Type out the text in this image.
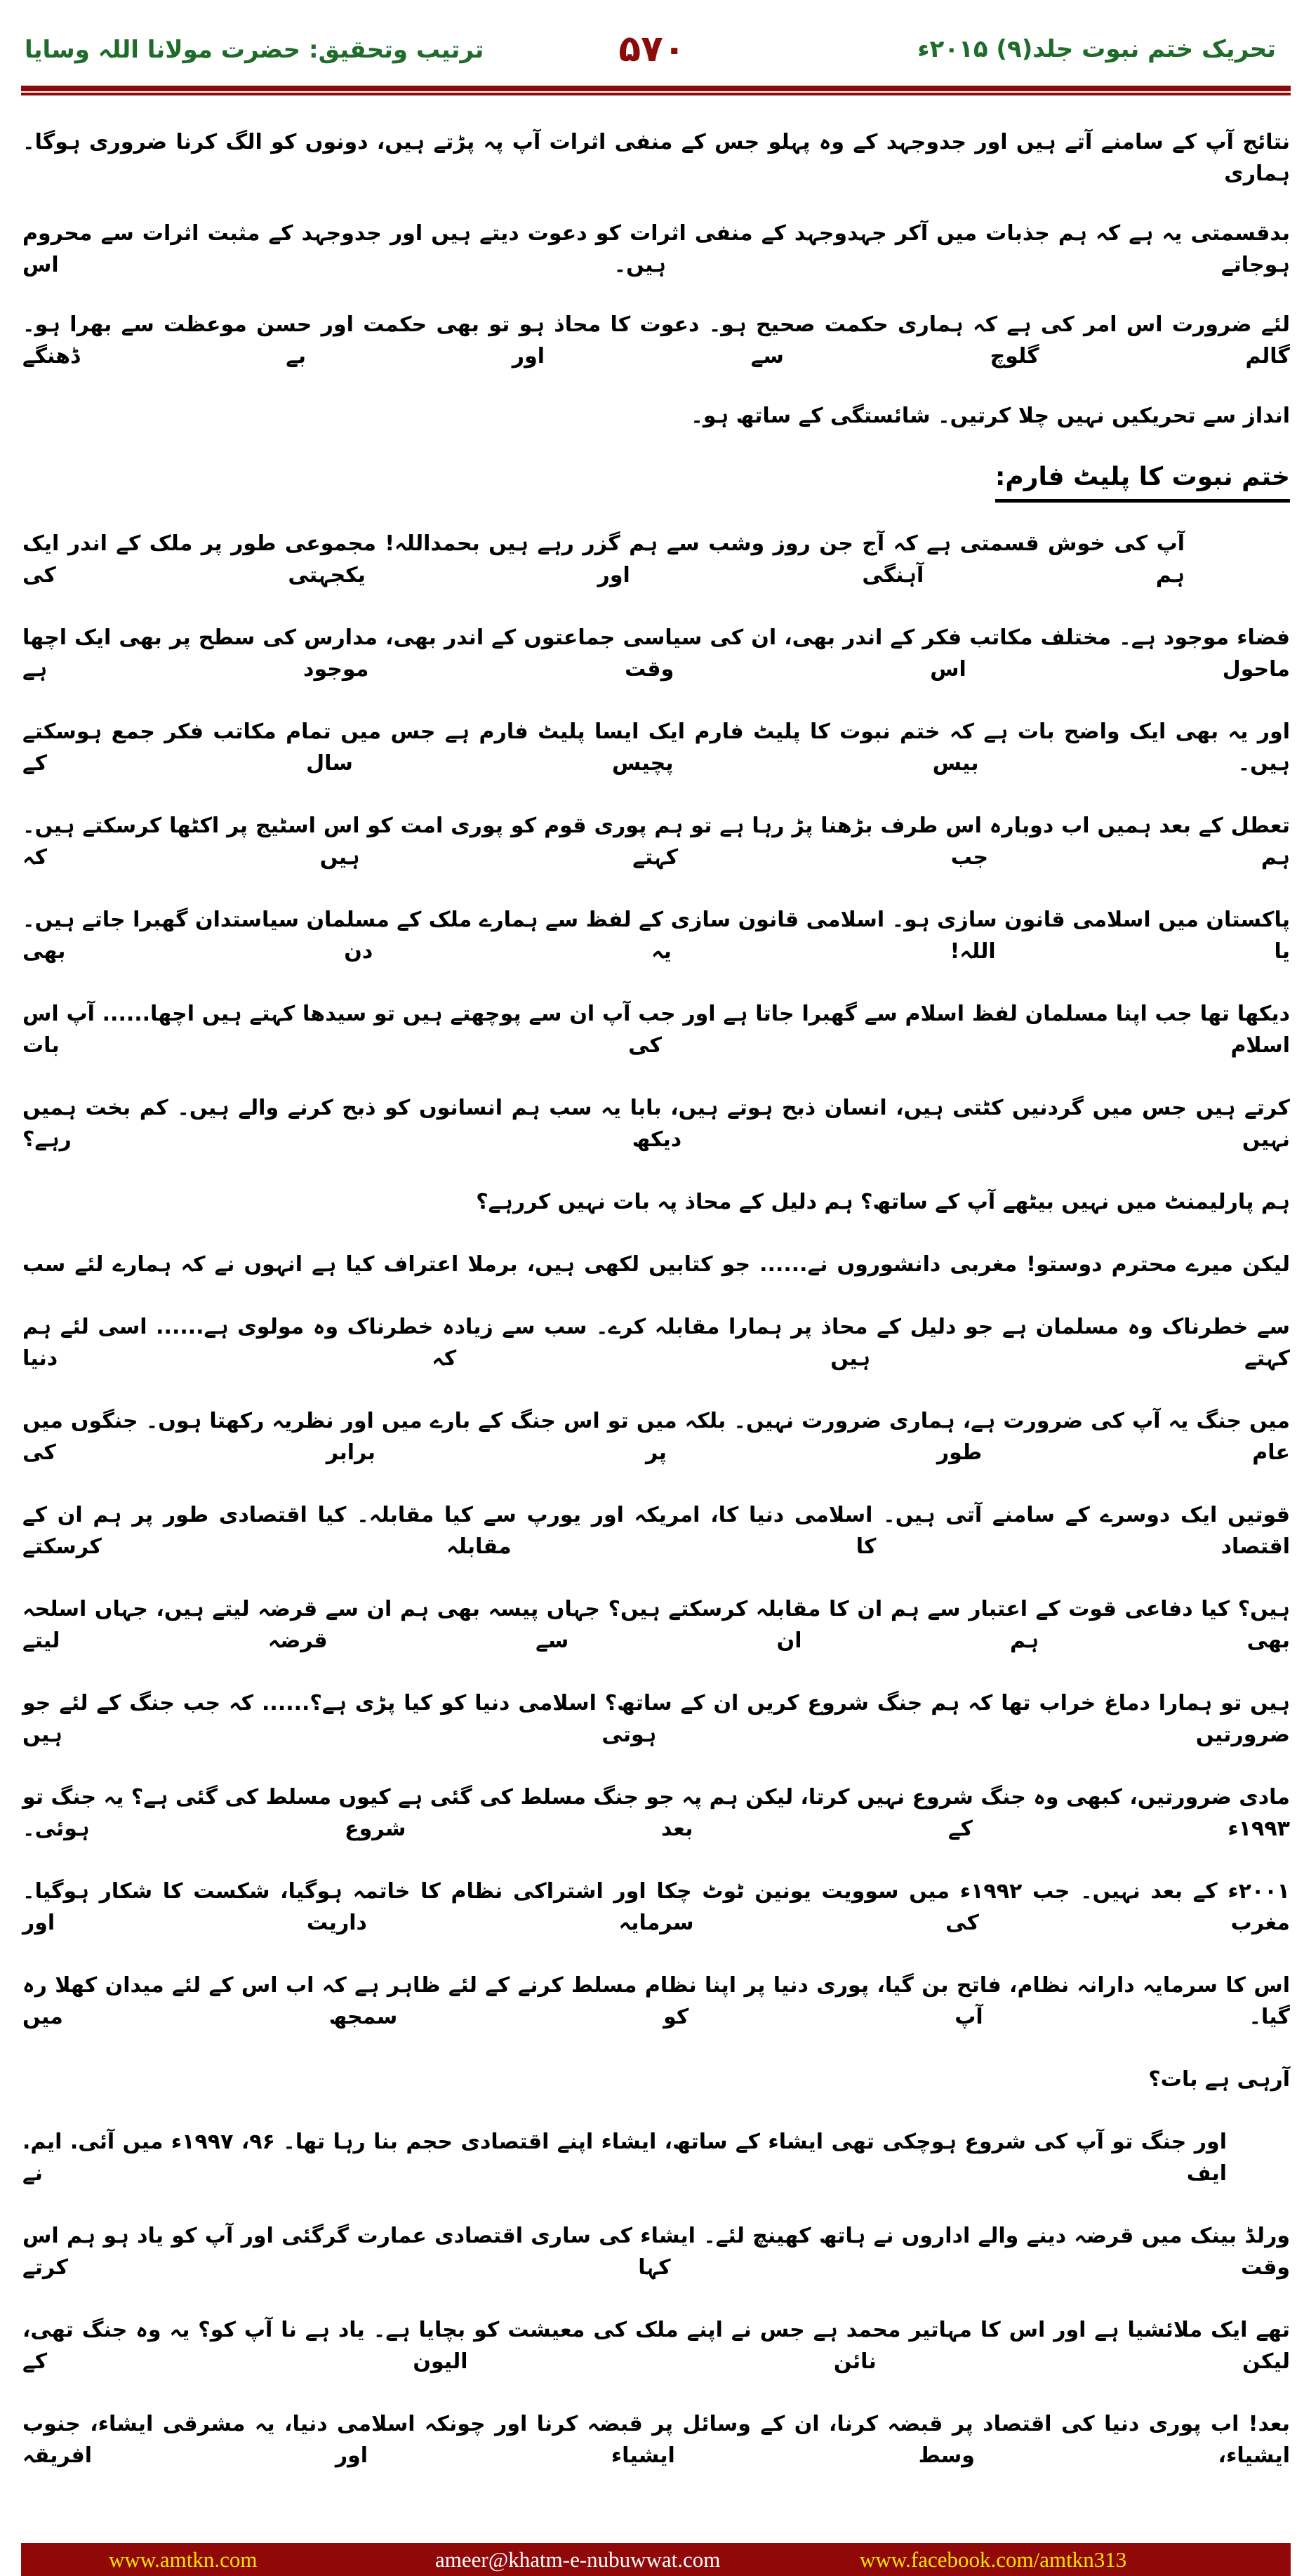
تحریک ختم نبوت جلد(۹) ۲۰۱۵ء
۵۷۰
ترتیب وتحقیق: حضرت مولانا اللہ وسایا
نتائج آپ کے سامنے آتے ہیں اور جدوجہد کے وہ پہلو جس کے منفی اثرات آپ پہ پڑتے ہیں، دونوں کو الگ کرنا ضروری ہوگا۔ ہماری
بدقسمتی یہ ہے کہ ہم جذبات میں آکر جہدوجہد کے منفی اثرات کو دعوت دیتے ہیں اور جدوجہد کے مثبت اثرات سے محروم ہوجاتے ہیں۔ اس
لئے ضرورت اس امر کی ہے کہ ہماری حکمت صحیح ہو۔ دعوت کا محاذ ہو تو بھی حکمت اور حسن موعظت سے بھرا ہو۔ گالم گلوچ سے اور بے ڈھنگے
انداز سے تحریکیں نہیں چلا کرتیں۔ شائستگی کے ساتھ ہو۔
ختم نبوت کا پلیٹ فارم:
آپ کی خوش قسمتی ہے کہ آج جن روز وشب سے ہم گزر رہے ہیں بحمداللہ! مجموعی طور پر ملک کے اندر ایک ہم آہنگی اور یکجہتی کی
فضاء موجود ہے۔ مختلف مکاتب فکر کے اندر بھی، ان کی سیاسی جماعتوں کے اندر بھی، مدارس کی سطح پر بھی ایک اچھا ماحول اس وقت موجود ہے
اور یہ بھی ایک واضح بات ہے کہ ختم نبوت کا پلیٹ فارم ایک ایسا پلیٹ فارم ہے جس میں تمام مکاتب فکر جمع ہوسکتے ہیں۔ بیس پچیس سال کے
تعطل کے بعد ہمیں اب دوبارہ اس طرف بڑھنا پڑ رہا ہے تو ہم پوری قوم کو پوری امت کو اس اسٹیج پر اکٹھا کرسکتے ہیں۔ ہم جب کہتے ہیں کہ
پاکستان میں اسلامی قانون سازی ہو۔ اسلامی قانون سازی کے لفظ سے ہمارے ملک کے مسلمان سیاستدان گھبرا جاتے ہیں۔ یا اللہ! یہ دن بھی
دیکھا تھا جب اپنا مسلمان لفظ اسلام سے گھبرا جاتا ہے اور جب آپ ان سے پوچھتے ہیں تو سیدھا کہتے ہیں اچھا...... آپ اس اسلام کی بات
کرتے ہیں جس میں گردنیں کٹتی ہیں، انسان ذبح ہوتے ہیں، بابا یہ سب ہم انسانوں کو ذبح کرنے والے ہیں۔ کم بخت ہمیں نہیں دیکھ رہے؟
ہم پارلیمنٹ میں نہیں بیٹھے آپ کے ساتھ؟ ہم دلیل کے محاذ پہ بات نہیں کررہے؟
لیکن میرے محترم دوستو! مغربی دانشوروں نے...... جو کتابیں لکھی ہیں، برملا اعتراف کیا ہے انہوں نے کہ ہمارے لئے سب
سے خطرناک وہ مسلمان ہے جو دلیل کے محاذ پر ہمارا مقابلہ کرے۔ سب سے زیادہ خطرناک وہ مولوی ہے...... اسی لئے ہم کہتے ہیں کہ دنیا
میں جنگ یہ آپ کی ضرورت ہے، ہماری ضرورت نہیں۔ بلکہ میں تو اس جنگ کے بارے میں اور نظریہ رکھتا ہوں۔ جنگوں میں عام طور پر برابر کی
قوتیں ایک دوسرے کے سامنے آتی ہیں۔ اسلامی دنیا کا، امریکہ اور یورپ سے کیا مقابلہ۔ کیا اقتصادی طور پر ہم ان کے اقتصاد کا مقابلہ کرسکتے
ہیں؟ کیا دفاعی قوت کے اعتبار سے ہم ان کا مقابلہ کرسکتے ہیں؟ جہاں پیسہ بھی ہم ان سے قرضہ لیتے ہیں، جہاں اسلحہ بھی ہم ان سے قرضہ لیتے
ہیں تو ہمارا دماغ خراب تھا کہ ہم جنگ شروع کریں ان کے ساتھ؟ اسلامی دنیا کو کیا پڑی ہے؟...... کہ جب جنگ کے لئے جو ضرورتیں ہوتی ہیں
مادی ضرورتیں، کبھی وہ جنگ شروع نہیں کرتا، لیکن ہم پہ جو جنگ مسلط کی گئی ہے کیوں مسلط کی گئی ہے؟ یہ جنگ تو ۱۹۹۳ء کے بعد شروع ہوئی۔
۲۰۰۱ء کے بعد نہیں۔ جب ۱۹۹۲ء میں سوویت یونین ٹوٹ چکا اور اشتراکی نظام کا خاتمہ ہوگیا، شکست کا شکار ہوگیا۔ مغرب کی سرمایہ داریت اور
اس کا سرمایہ دارانہ نظام، فاتح بن گیا، پوری دنیا پر اپنا نظام مسلط کرنے کے لئے ظاہر ہے کہ اب اس کے لئے میدان کھلا رہ گیا۔ آپ کو سمجھ میں
آرہی ہے بات؟
اور جنگ تو آپ کی شروع ہوچکی تھی ایشاء کے ساتھ، ایشاء اپنے اقتصادی حجم بنا رہا تھا۔ ۹۶، ۱۹۹۷ء میں آئی. ایم. ایف نے
ورلڈ بینک میں قرضہ دینے والے اداروں نے ہاتھ کھینچ لئے۔ ایشاء کی ساری اقتصادی عمارت گرگئی اور آپ کو یاد ہو ہم اس وقت کہا کرتے
تھے ایک ملائشیا ہے اور اس کا مہاتیر محمد ہے جس نے اپنے ملک کی معیشت کو بچایا ہے۔ یاد ہے نا آپ کو؟ یہ وہ جنگ تھی، لیکن نائن الیون کے
بعد! اب پوری دنیا کی اقتصاد پر قبضہ کرنا، ان کے وسائل پر قبضہ کرنا اور چونکہ اسلامی دنیا، یہ مشرقی ایشاء، جنوب ایشیاء، وسط ایشیاء اور افریقہ
www.amtkn.com	ameer@khatm-e-nubuwwat.com	www.facebook.com/amtkn313
